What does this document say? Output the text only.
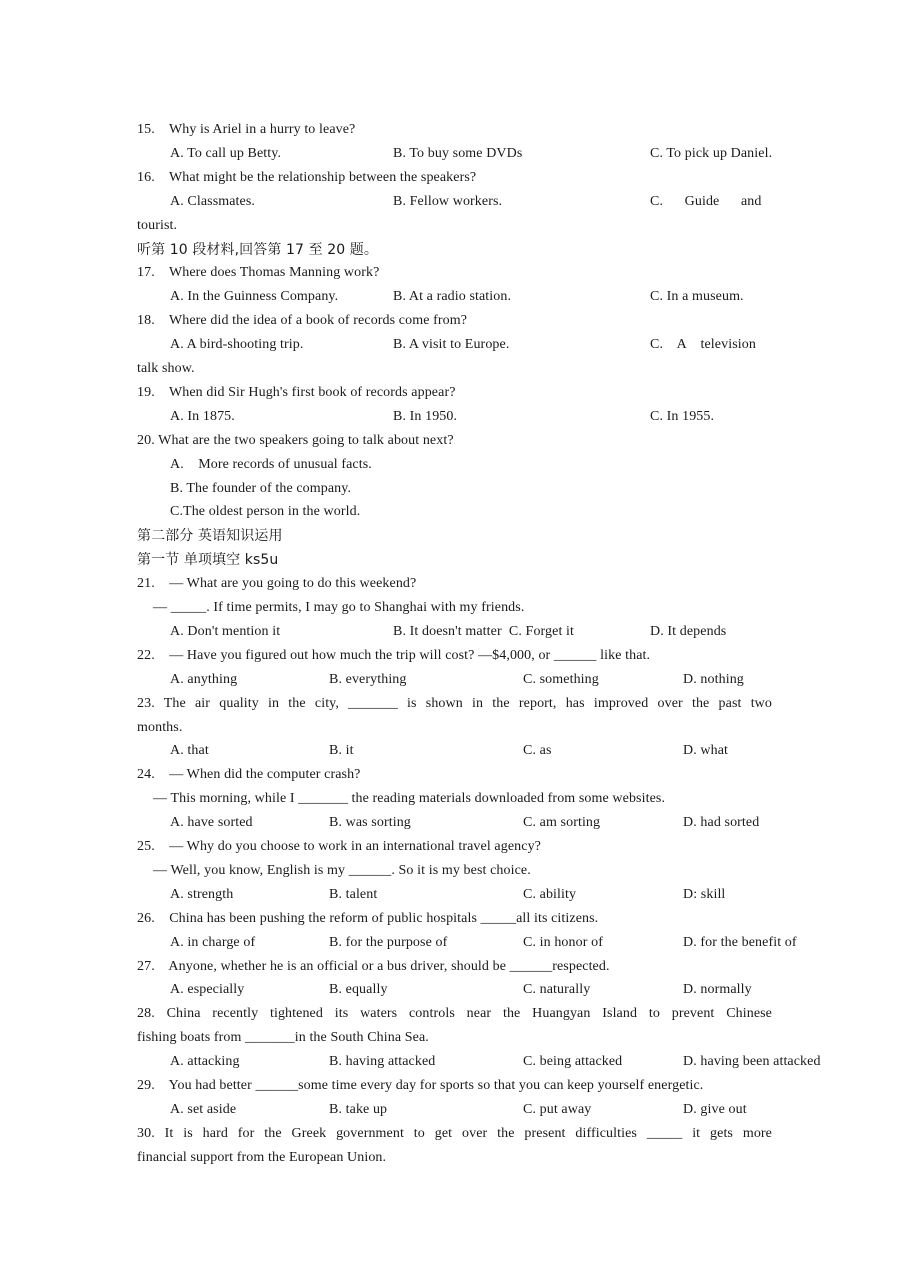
15.    Why is Ariel in a hurry to leave?
A. To call up Betty.	B. To buy some DVDs	C. To pick up Daniel.
16.    What might be the relationship between the speakers?
A. Classmates.	B. Fellow workers.	C.      Guide      and
tourist.
听第 10 段材料,回答第 17 至 20 题。
17.    Where does Thomas Manning work?
A. In the Guinness Company.	B. At a radio station.	C. In a museum.
18.    Where did the idea of a book of records come from?
A. A bird-shooting trip.	B. A visit to Europe.	C.    A    television
talk show.
19.    When did Sir Hugh's first book of records appear?
A. In 1875.	B. In 1950.	C. In 1955.
20. What are the two speakers going to talk about next?
A.    More records of unusual facts.
B. The founder of the company.
C.The oldest person in the world.
第二部分 英语知识运用
第一节 单项填空 ks5u
21.    — What are you going to do this weekend?
— _____. If time permits, I may go to Shanghai with my friends.
A. Don't mention it	B. It doesn't matter  C. Forget it	D. It depends
22.    — Have you figured out how much the trip will cost? —$4,000, or ______ like that.
A. anything	B. everything	C. something	D. nothing
23. The air quality in the city, _______ is shown in the report, has improved over the past two
months.
A. that	B. it	C. as	D. what
24.    — When did the computer crash?
— This morning, while I _______ the reading materials downloaded from some websites.
A. have sorted	B. was sorting	C. am sorting	D. had sorted
25.    — Why do you choose to work in an international travel agency?
— Well, you know, English is my ______. So it is my best choice.
A. strength	B. talent	C. ability	D: skill
26.    China has been pushing the reform of public hospitals _____all its citizens.
A. in charge of	B. for the purpose of	C. in honor of	D. for the benefit of
27.    Anyone, whether he is an official or a bus driver, should be ______respected.
A. especially	B. equally	C. naturally	D. normally
28. China recently tightened its waters controls near the Huangyan Island to prevent Chinese
fishing boats from _______in the South China Sea.
A. attacking	B. having attacked	C. being attacked	D. having been attacked
29.    You had better ______some time every day for sports so that you can keep yourself energetic.
A. set aside	B. take up	C. put away	D. give out
30. It is hard for the Greek government to get over the present difficulties _____ it gets more
financial support from the European Union.
